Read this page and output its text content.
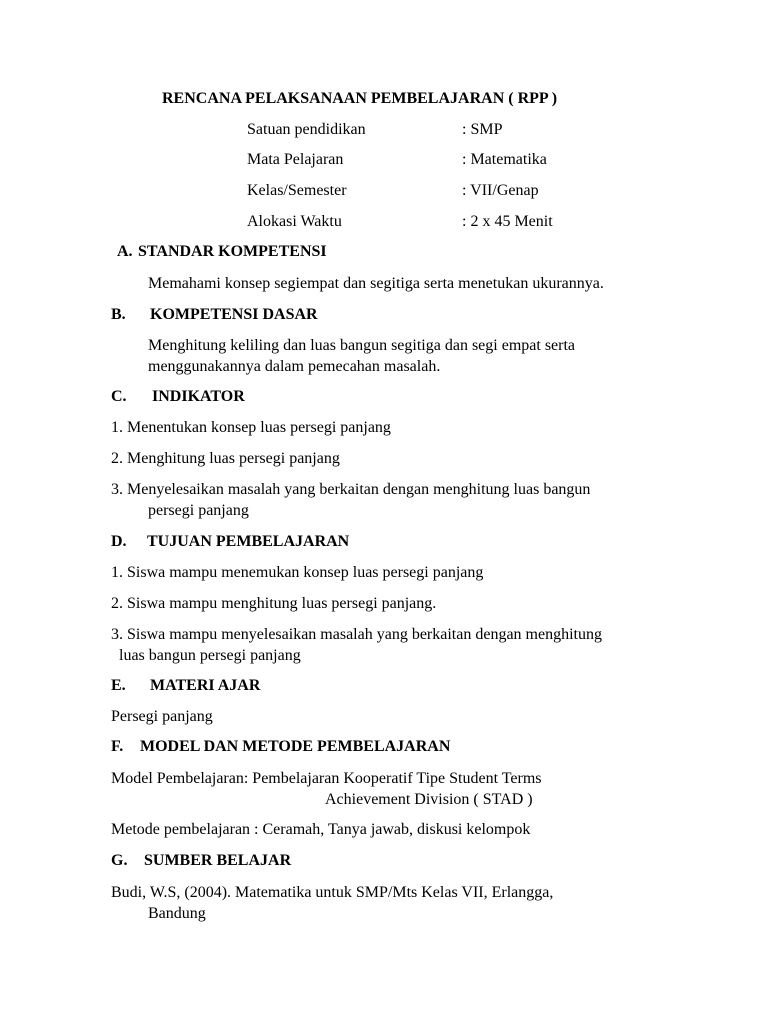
RENCANA PELAKSANAAN PEMBELAJARAN ( RPP )
Satuan pendidikan	: SMP
Mata Pelajaran	: Matematika
Kelas/Semester	: VII/Genap
Alokasi Waktu	: 2 x 45 Menit
A. STANDAR KOMPETENSI
Memahami konsep segiempat dan segitiga serta menetukan ukurannya.
B. KOMPETENSI DASAR
Menghitung keliling dan luas bangun segitiga dan segi empat serta
menggunakannya dalam pemecahan masalah.
C. INDIKATOR
1. Menentukan konsep luas persegi panjang
2. Menghitung luas persegi panjang
3. Menyelesaikan masalah yang berkaitan dengan menghitung luas bangun
persegi panjang
D. TUJUAN PEMBELAJARAN
1. Siswa mampu menemukan konsep luas persegi panjang
2. Siswa mampu menghitung luas persegi panjang.
3. Siswa mampu menyelesaikan masalah yang berkaitan dengan menghitung
luas bangun persegi panjang
E. MATERI AJAR
Persegi panjang
F. MODEL DAN METODE PEMBELAJARAN
Model Pembelajaran: Pembelajaran Kooperatif Tipe Student Terms
Achievement Division ( STAD )
Metode pembelajaran : Ceramah, Tanya jawab, diskusi kelompok
G. SUMBER BELAJAR
Budi, W.S, (2004). Matematika untuk SMP/Mts Kelas VII, Erlangga,
Bandung
